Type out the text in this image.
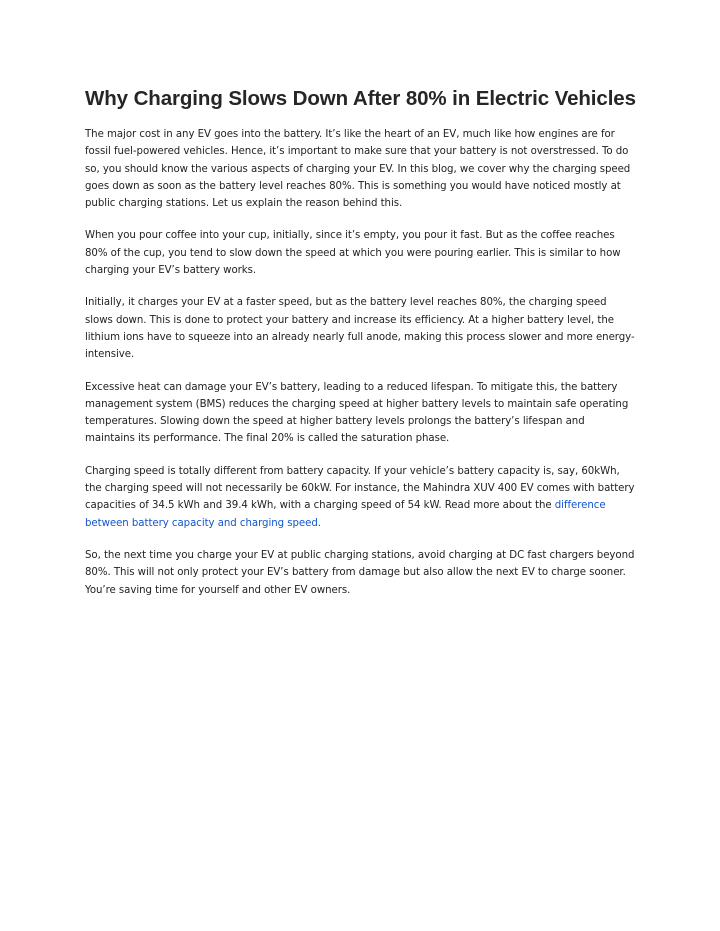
Why Charging Slows Down After 80% in Electric Vehicles

The major cost in any EV goes into the battery. It’s like the heart of an EV, much like how engines are for fossil fuel-powered vehicles. Hence, it’s important to make sure that your battery is not overstressed. To do so, you should know the various aspects of charging your EV. In this blog, we cover why the charging speed goes down as soon as the battery level reaches 80%. This is something you would have noticed mostly at public charging stations. Let us explain the reason behind this.

When you pour coffee into your cup, initially, since it’s empty, you pour it fast. But as the coffee reaches 80% of the cup, you tend to slow down the speed at which you were pouring earlier. This is similar to how charging your EV’s battery works.

Initially, it charges your EV at a faster speed, but as the battery level reaches 80%, the charging speed slows down. This is done to protect your battery and increase its efficiency. At a higher battery level, the lithium ions have to squeeze into an already nearly full anode, making this process slower and more energy-intensive.

Excessive heat can damage your EV’s battery, leading to a reduced lifespan. To mitigate this, the battery management system (BMS) reduces the charging speed at higher battery levels to maintain safe operating temperatures. Slowing down the speed at higher battery levels prolongs the battery’s lifespan and maintains its performance. The final 20% is called the saturation phase.

Charging speed is totally different from battery capacity. If your vehicle’s battery capacity is, say, 60kWh, the charging speed will not necessarily be 60kW. For instance, the Mahindra XUV 400 EV comes with battery capacities of 34.5 kWh and 39.4 kWh, with a charging speed of 54 kW. Read more about the difference between battery capacity and charging speed.

So, the next time you charge your EV at public charging stations, avoid charging at DC fast chargers beyond 80%. This will not only protect your EV’s battery from damage but also allow the next EV to charge sooner. You’re saving time for yourself and other EV owners.
